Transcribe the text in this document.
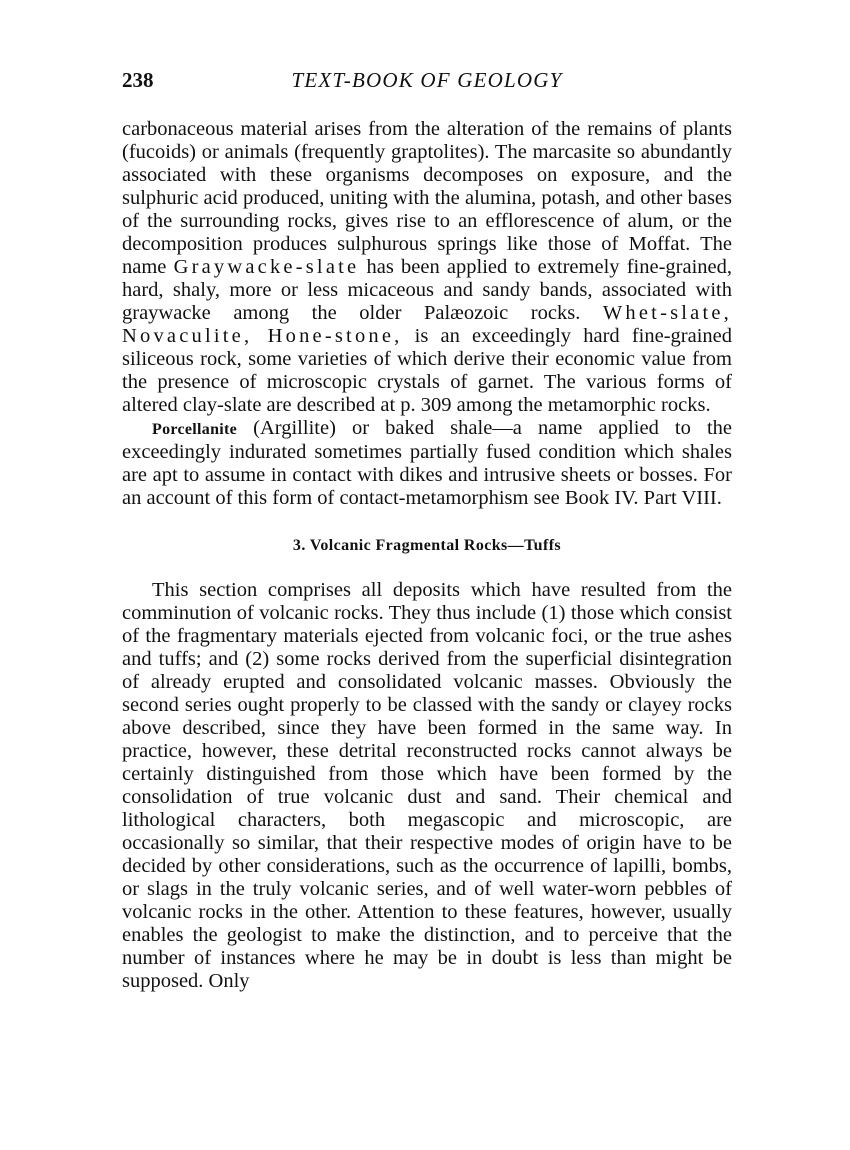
238	TEXT-BOOK OF GEOLOGY

carbonaceous material arises from the alteration of the remains of plants (fucoids) or animals (frequently graptolites). The marcasite so abundantly associated with these organisms decomposes on exposure, and the sulphuric acid produced, uniting with the alumina, potash, and other bases of the surrounding rocks, gives rise to an efflorescence of alum, or the decomposition produces sulphurous springs like those of Moffat. The name Graywacke-slate has been applied to extremely fine-grained, hard, shaly, more or less micaceous and sandy bands, associated with graywacke among the older Palæozoic rocks. Whet-slate, Novaculite, Hone-stone, is an exceedingly hard fine-grained siliceous rock, some varieties of which derive their economic value from the presence of microscopic crystals of garnet. The various forms of altered clay-slate are described at p. 309 among the metamorphic rocks.

Porcellanite (Argillite) or baked shale—a name applied to the exceedingly indurated sometimes partially fused condition which shales are apt to assume in contact with dikes and intrusive sheets or bosses. For an account of this form of contact-metamorphism see Book IV. Part VIII.

3. Volcanic Fragmental Rocks—Tuffs

This section comprises all deposits which have resulted from the comminution of volcanic rocks. They thus include (1) those which consist of the fragmentary materials ejected from volcanic foci, or the true ashes and tuffs; and (2) some rocks derived from the superficial disintegration of already erupted and consolidated volcanic masses. Obviously the second series ought properly to be classed with the sandy or clayey rocks above described, since they have been formed in the same way. In practice, however, these detrital reconstructed rocks cannot always be certainly distinguished from those which have been formed by the consolidation of true volcanic dust and sand. Their chemical and lithological characters, both megascopic and microscopic, are occasionally so similar, that their respective modes of origin have to be decided by other considerations, such as the occurrence of lapilli, bombs, or slags in the truly volcanic series, and of well water-worn pebbles of volcanic rocks in the other. Attention to these features, however, usually enables the geologist to make the distinction, and to perceive that the number of instances where he may be in doubt is less than might be supposed. Only
